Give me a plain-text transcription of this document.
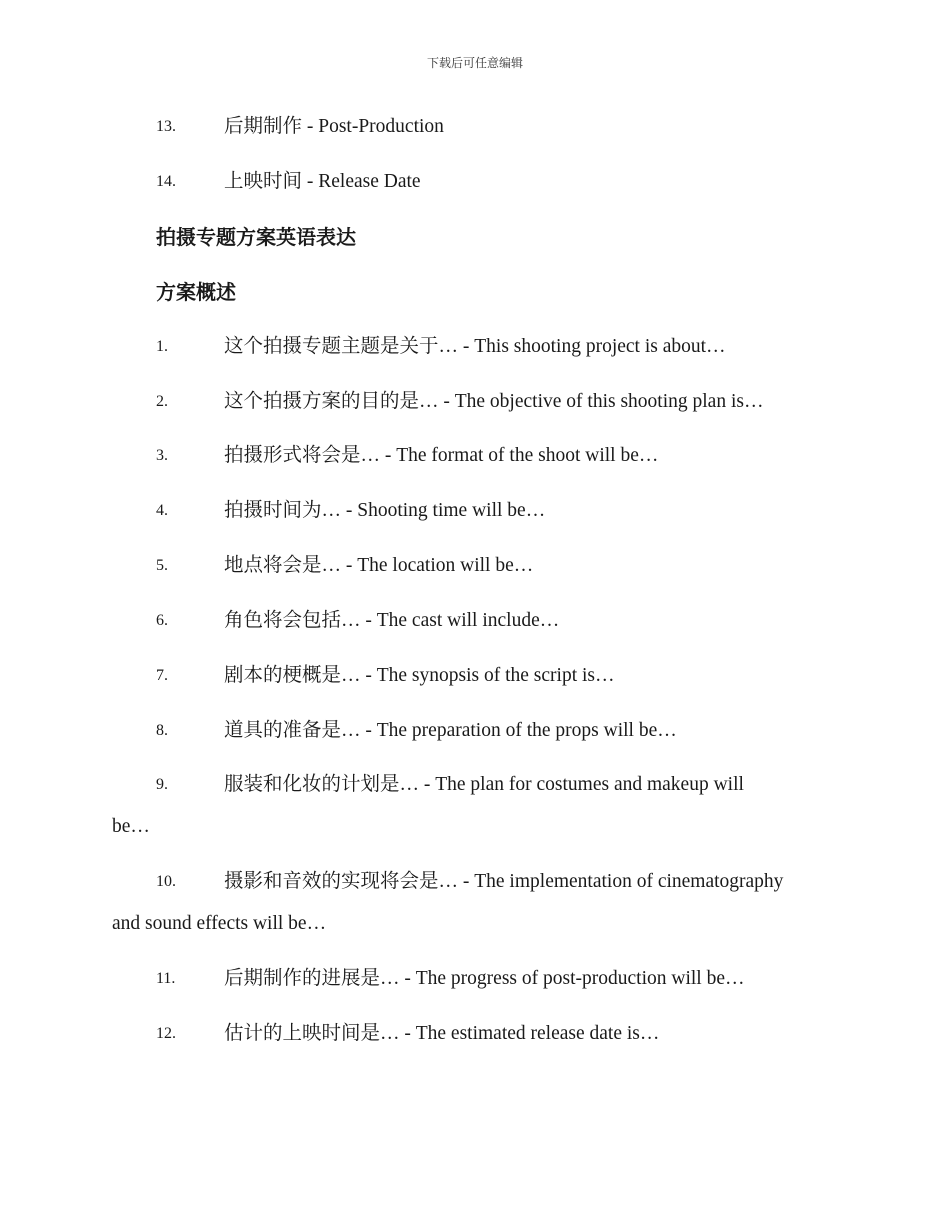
下载后可任意编辑
13. 后期制作 - Post-Production
14. 上映时间 - Release Date
拍摄专题方案英语表达
方案概述
1.	这个拍摄专题主题是关于… - This shooting project is about…
2.	这个拍摄方案的目的是… - The objective of this shooting plan is…
3.	拍摄形式将会是… - The format of the shoot will be…
4.	拍摄时间为… - Shooting time will be…
5.	地点将会是… - The location will be…
6.	角色将会包括… - The cast will include…
7.	剧本的梗概是… - The synopsis of the script is…
8.	道具的准备是… - The preparation of the props will be…
9.	服装和化妆的计划是… - The plan for costumes and makeup will
be…
10. 摄影和音效的实现将会是… - The implementation of cinematography
and sound effects will be…
11. 后期制作的进展是… - The progress of post-production will be…
12. 估计的上映时间是… - The estimated release date is…
